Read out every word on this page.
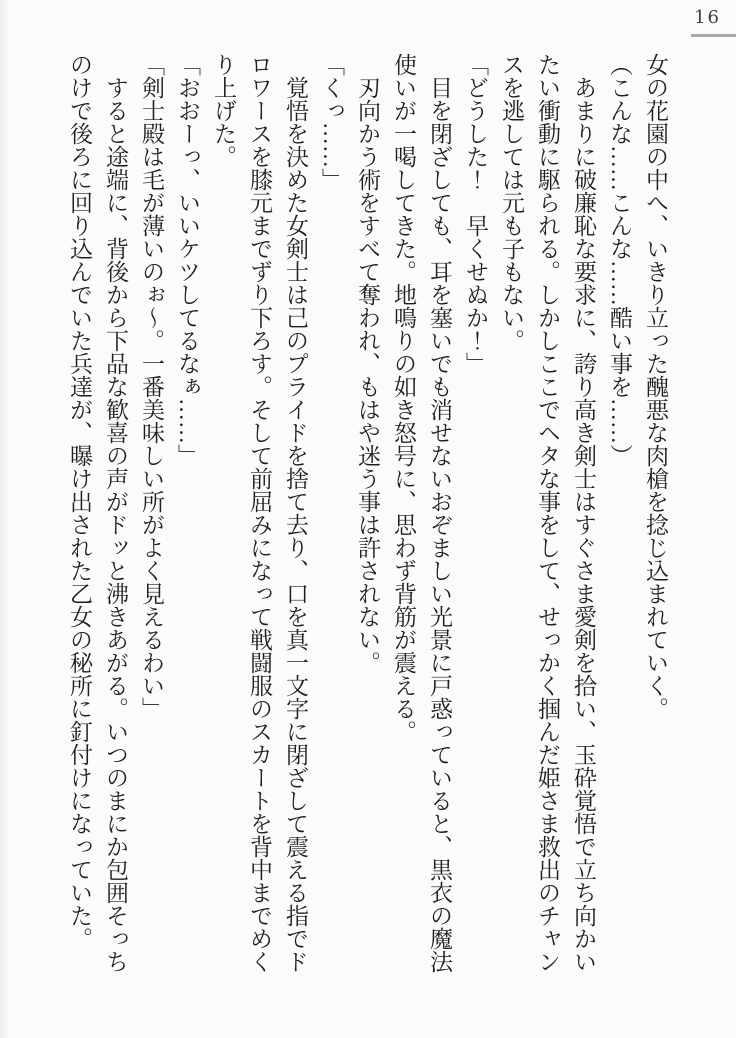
16

女の花園の中へ、いきり立った醜悪な肉槍を捻じ込まれていく。

（こんな……こんな……酷い事を……）

あまりに破廉恥な要求に、誇り高き剣士はすぐさま愛剣を拾い、玉砕覚悟で立ち向かいたい衝動に駆られる。しかしここでヘタな事をして、せっかく掴んだ姫さま救出のチャンスを逃しては元も子もない。

「どうした！　早くせぬか！」

目を閉ざしても、耳を塞いでも消せないおぞましい光景に戸惑っていると、黒衣の魔法使いが一喝してきた。地鳴りの如き怒号に、思わず背筋が震える。

刃向かう術をすべて奪われ、もはや迷う事は許されない。

「くっ……」

覚悟を決めた女剣士は己のプライドを捨て去り、口を真一文字に閉ざして震える指でドロワースを膝元までずり下ろす。そして前屈みになって戦闘服のスカートを背中までめくり上げた。

「おおーっ、いいケツしてるなぁ……」

「剣士殿は毛が薄いのぉ～。一番美味しい所がよく見えるわい」

すると途端に、背後から下品な歓喜の声がドッと沸きあがる。いつのまにか包囲そっちのけで後ろに回り込んでいた兵達が、曝け出された乙女の秘所に釘付けになっていた。
